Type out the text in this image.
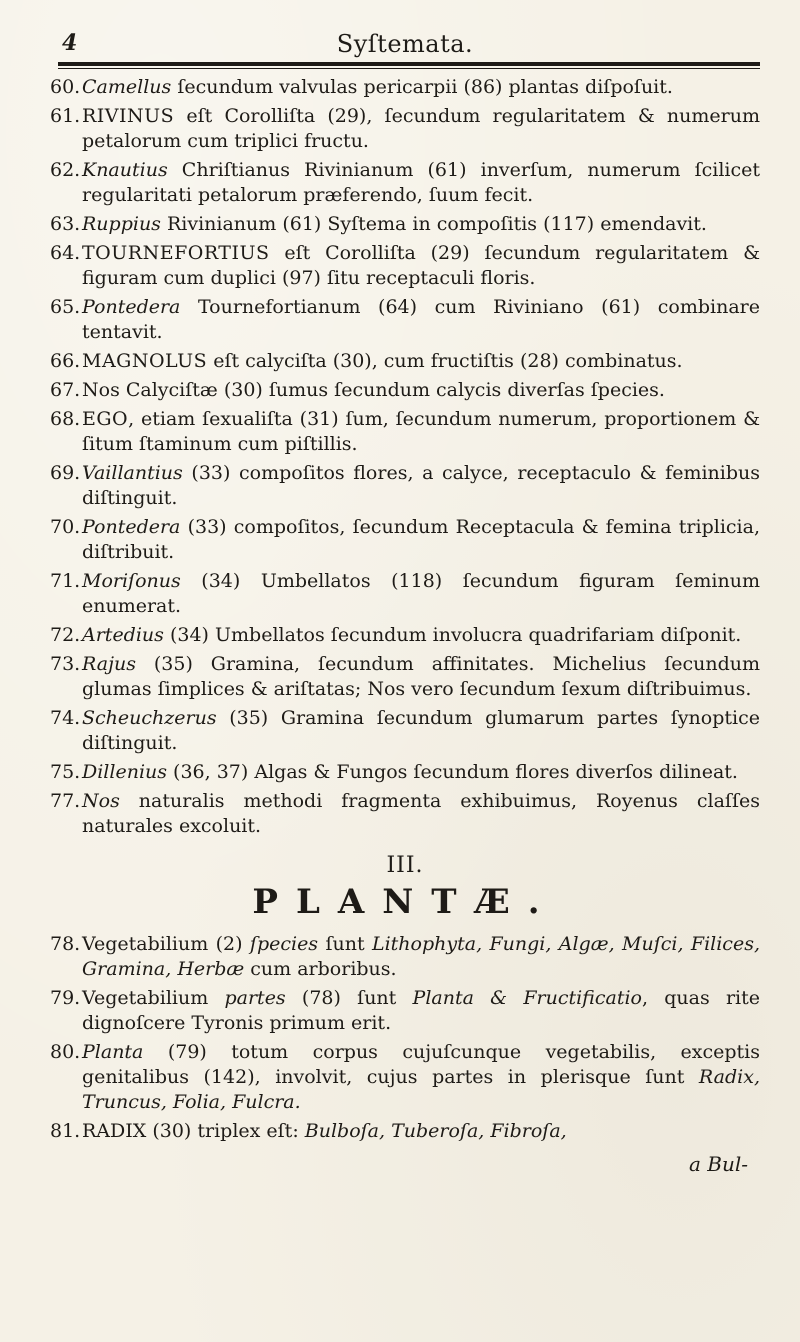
4	Syſtemata.

60.Camellus ſecundum valvulas pericarpii (86) plantas diſpoſuit.

61.RIVINUS eſt Corolliſta (29), ſecundum regularitatem & numerum petalorum cum triplici fructu.

62.Knautius Chriſtianus Rivinianum (61) inverſum, numerum ſcilicet regularitati petalorum præferendo, ſuum fecit.

63.Ruppius Rivinianum (61) Syſtema in compoſitis (117) emendavit.

64.TOURNEFORTIUS eſt Corolliſta (29) ſecundum regularitatem & figuram cum duplici (97) ſitu receptaculi floris.

65.Pontedera Tournefortianum (64) cum Riviniano (61) combinare tentavit.

66.MAGNOLUS eſt calyciſta (30), cum fructiſtis (28) combinatus.

67.Nos Calyciſtæ (30) ſumus ſecundum calycis diverſas ſpecies.

68.EGO, etiam ſexualiſta (31) ſum, ſecundum numerum, proportionem & ſitum ſtaminum cum piſtillis.

69.Vaillantius (33) compoſitos flores, a calyce, receptaculo & feminibus diſtinguit.

70.Pontedera (33) compoſitos, ſecundum Receptacula & femina tripliciа, diſtribuit.

71.Moriſonus (34) Umbellatos (118) ſecundum figuram ſeminum enumerat.

72.Artedius (34) Umbellatos ſecundum involucra quadrifariam diſponit.

73.Rajus (35) Gramina, ſecundum affinitates. Michelius ſecundum glumas ſimplices & ariſtatas; Nos vero ſecundum ſexum diſtribuimus.

74.Scheuchzerus (35) Gramina ſecundum glumarum partes ſynoptice diſtinguit.

75.Dillenius (36, 37) Algas & Fungos ſecundum flores diverſos dilineat.

77.Nos naturalis methodi fragmenta exhibuimus, Royenus claſſes naturales excoluit.

III.
PLANTÆ.

78.Vegetabilium (2) ſpecies ſunt Lithophyta, Fungi, Algæ, Muſci, Filices, Gramina, Herbæ cum arboribus.

79.Vegetabilium partes (78) ſunt Planta & Fructificatio, quas rite dignoſcere Tyronis primum erit.

80.Planta (79) totum corpus cujuſcunque vegetabilis, exceptis genitalibus (142), involvit, cujus partes in plerisque ſunt Radix, Truncus, Folia, Fulcra.

81.RADIX (30) triplex eſt: Bulboſa, Tuberoſa, Fibroſa,

a Bul-
